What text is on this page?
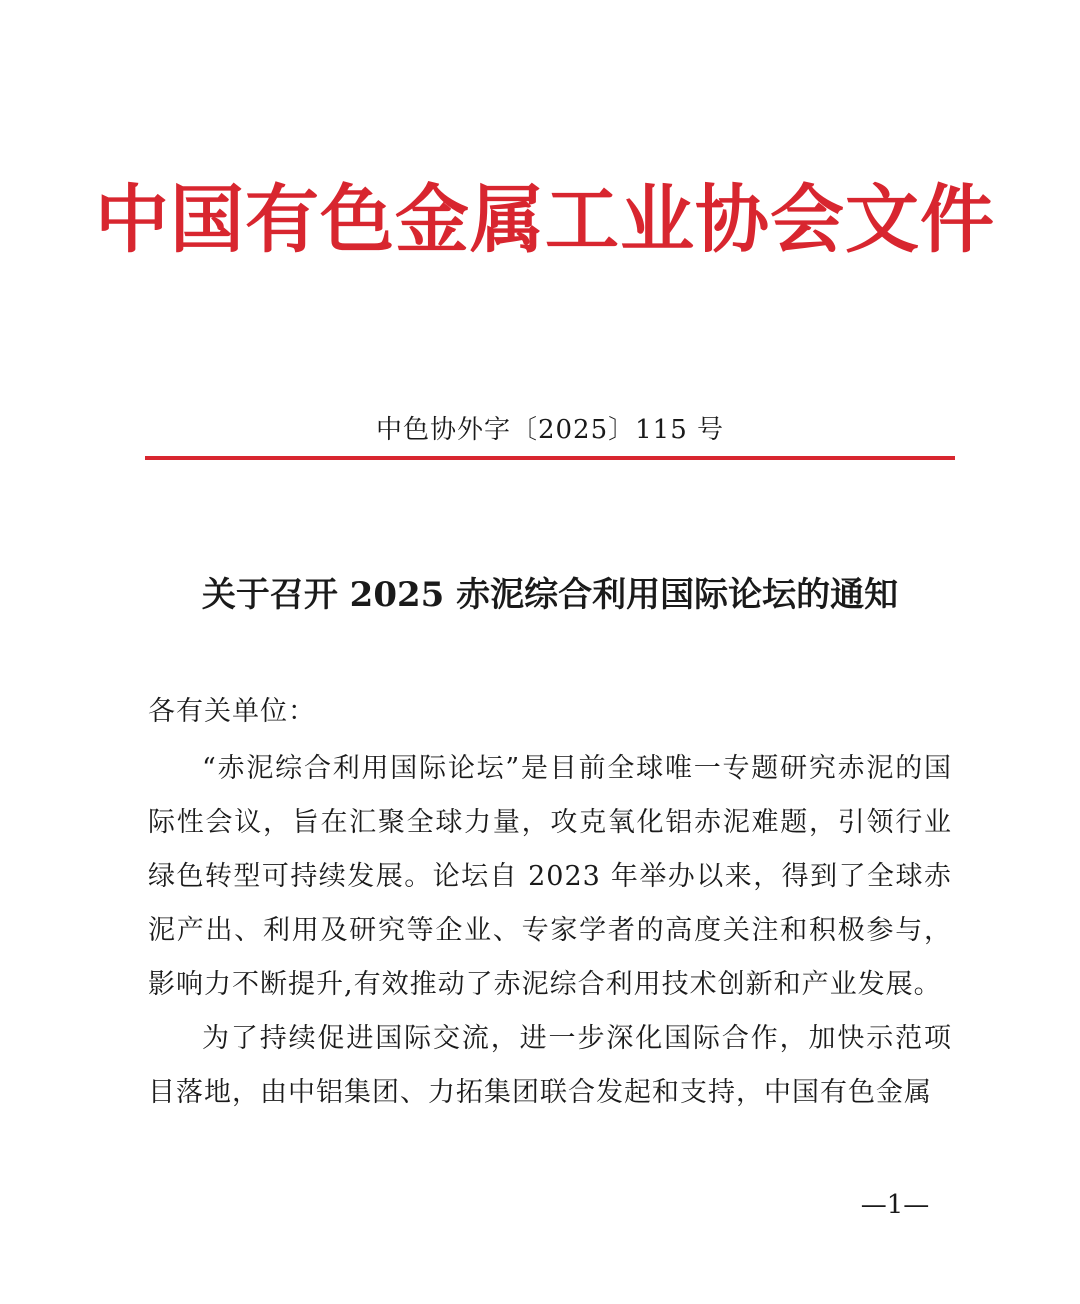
中国有色金属工业协会文件
中色协外字〔2025〕115 号
关于召开 2025 赤泥综合利用国际论坛的通知
各有关单位：
“赤泥综合利用国际论坛”是目前全球唯一专题研究赤泥的国际性会议，旨在汇聚全球力量，攻克氧化铝赤泥难题，引领行业绿色转型可持续发展。论坛自 2023 年举办以来，得到了全球赤泥产出、利用及研究等企业、专家学者的高度关注和积极参与，影响力不断提升,有效推动了赤泥综合利用技术创新和产业发展。
为了持续促进国际交流，进一步深化国际合作，加快示范项目落地，由中铝集团、力拓集团联合发起和支持，中国有色金属
—1—
